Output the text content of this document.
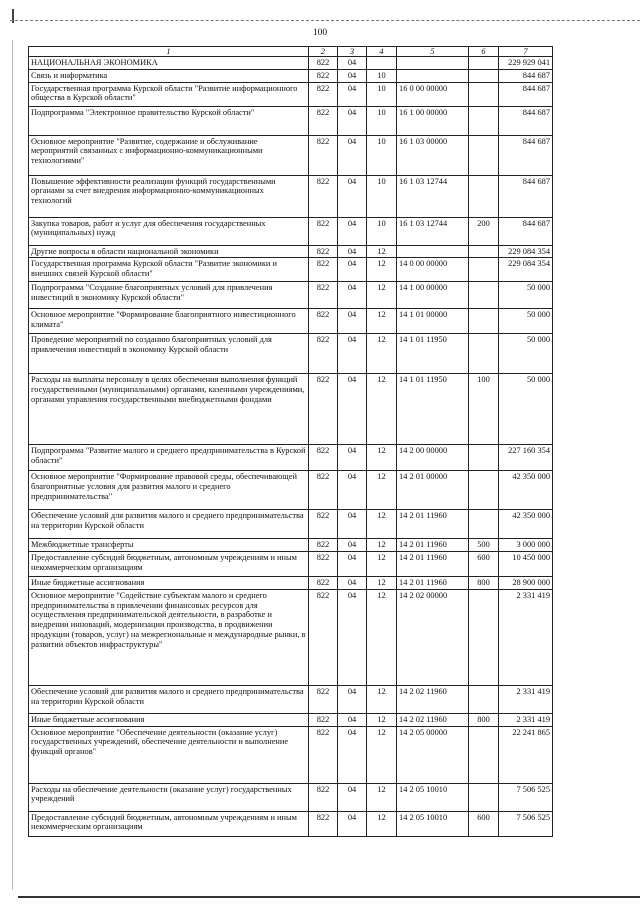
100
1	2	3	4	5	6	7
НАЦИОНАЛЬНАЯ ЭКОНОМИКА	822	04				229 929 041
Связь и информатика	822	04	10			844 687
Государственная программа Курской области "Развитие информационного общества в Курской области"	822	04	10	16 0 00 00000		844 687
Подпрограмма "Электронное правительство Курской области"	822	04	10	16 1 00 00000		844 687
Основное мероприятие "Развитие, содержание и обслуживание мероприятий связанных с информационно-коммуникационными технологиями"	822	04	10	16 1 03 00000		844 687
Повышение эффективности реализации функций государственными органами за счет внедрения информационно-коммуникационных технологий	822	04	10	16 1 03 12744		844 687
Закупка товаров, работ и услуг для обеспечения государственных (муниципальных) нужд	822	04	10	16 1 03 12744	200	844 687
Другие вопросы в области национальной экономики	822	04	12			229 084 354
Государственная программа Курской области "Развитие экономики и внешних связей Курской области"	822	04	12	14 0 00 00000		229 084 354
Подпрограмма "Создание благоприятных условий для привлечения инвестиций в экономику Курской области"	822	04	12	14 1 00 00000		50 000
Основное мероприятие "Формирование благоприятного инвестиционного климата"	822	04	12	14 1 01 00000		50 000
Проведение мероприятий по созданию благоприятных условий для привлечения инвестиций в экономику Курской области	822	04	12	14 1 01 11950		50 000
Расходы на выплаты персоналу в целях обеспечения выполнения функций государственными (муниципальными) органами, казенными учреждениями, органами управления государственными внебюджетными фондами	822	04	12	14 1 01 11950	100	50 000
Подпрограмма "Развитие малого и среднего предпринимательства в Курской области"	822	04	12	14 2 00 00000		227 160 354
Основное мероприятие "Формирование правовой среды, обеспечивающей благоприятные условия для развития малого и среднего предпринимательства"	822	04	12	14 2 01 00000		42 350 000
Обеспечение условий для развития малого и среднего предпринимательства на территории Курской области	822	04	12	14 2 01 11960		42 350 000
Межбюджетные трансферты	822	04	12	14 2 01 11960	500	3 000 000
Предоставление субсидий бюджетным, автономным учреждениям и иным некоммерческим организациям	822	04	12	14 2 01 11960	600	10 450 000
Иные бюджетные ассигнования	822	04	12	14 2 01 11960	800	28 900 000
Основное мероприятие "Содействие субъектам малого и среднего предпринимательства в привлечении финансовых ресурсов для осуществления предпринимательской деятельности, в разработке и внедрении инноваций, модернизации производства, в продвижении продукции (товаров, услуг) на межрегиональные и международные рынки, в развитии объектов инфраструктуры"	822	04	12	14 2 02 00000		2 331 419
Обеспечение условий для развития малого и среднего предпринимательства на территории Курской области	822	04	12	14 2 02 11960		2 331 419
Иные бюджетные ассигнования	822	04	12	14 2 02 11960	800	2 331 419
Основное мероприятие "Обеспечение деятельности (оказание услуг) государственных учреждений, обеспечение деятельности и выполнение функций органов"	822	04	12	14 2 05 00000		22 241 865
Расходы на обеспечение деятельности (оказание услуг) государственных учреждений	822	04	12	14 2 05 10010		7 506 525
Предоставление субсидий бюджетным, автономным учреждениям и иным некоммерческим организациям	822	04	12	14 2 05 10010	600	7 506 525
